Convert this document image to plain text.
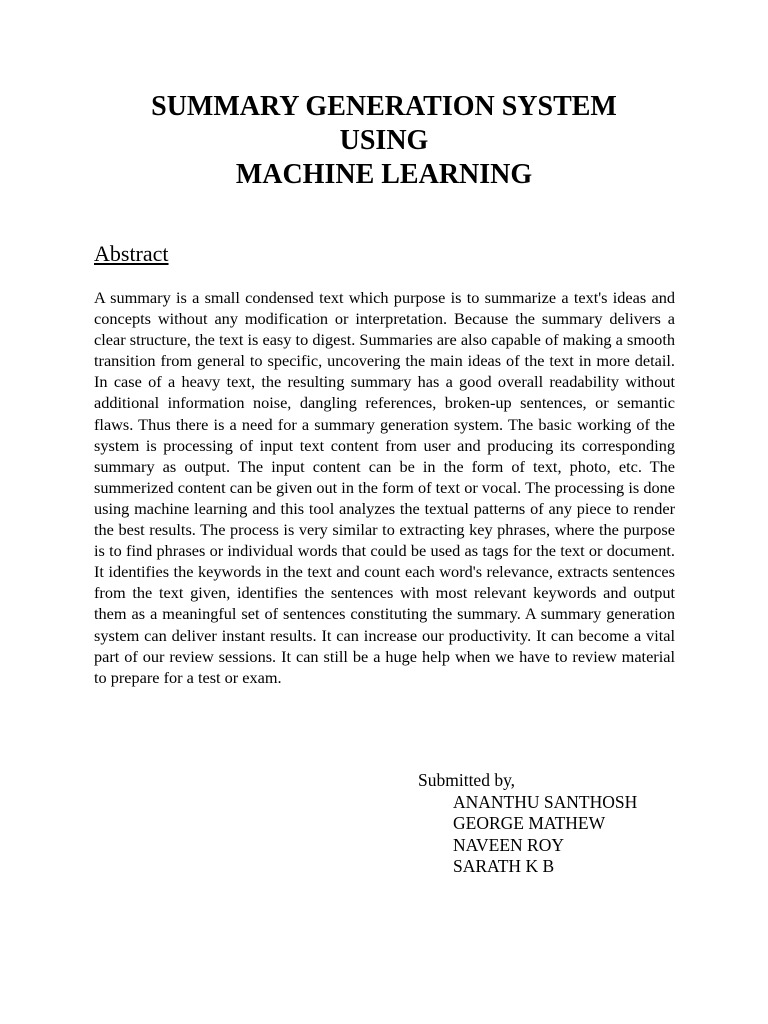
SUMMARY GENERATION SYSTEM
USING
MACHINE LEARNING
Abstract

A summary is a small condensed text which purpose is to summarize a text's ideas and concepts without any modification or interpretation. Because the summary delivers a clear structure, the text is easy to digest. Summaries are also capable of making a smooth transition from general to specific, uncovering the main ideas of the text in more detail. In case of a heavy text, the resulting summary has a good overall readability without additional information noise, dangling references, broken-up sentences, or semantic flaws. Thus there is a need for a summary generation system. The basic working of the system is processing of input text content from user and producing its corresponding summary as output. The input content can be in the form of text, photo, etc. The summerized content can be given out in the form of text or vocal. The processing is done using machine learning and this tool analyzes the textual patterns of any piece to render the best results. The process is very similar to extracting key phrases, where the purpose is to find phrases or individual words that could be used as tags for the text or document. It identifies the keywords in the text and count each word's relevance, extracts sentences from the text given, identifies the sentences with most relevant keywords and output them as a meaningful set of sentences constituting the summary. A summary generation system can deliver instant results. It can increase our productivity. It can become a vital part of our review sessions. It can still be a huge help when we have to review material to prepare for a test or exam.

Submitted by,
ANANTHU SANTHOSH
GEORGE MATHEW
NAVEEN ROY
SARATH K B
